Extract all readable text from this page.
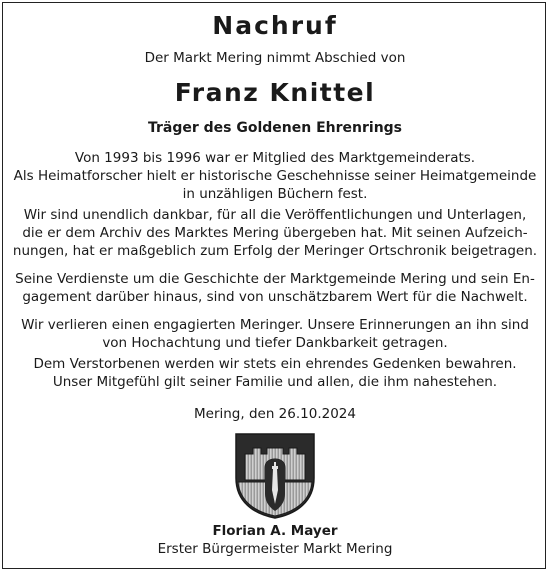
Nachruf
Der Markt Mering nimmt Abschied von
Franz Knittel
Träger des Goldenen Ehrenrings
Von 1993 bis 1996 war er Mitglied des Marktgemeinderats.
Als Heimatforscher hielt er historische Geschehnisse seiner Heimatgemeinde
in unzähligen Büchern fest.
Wir sind unendlich dankbar, für all die Veröffentlichungen und Unterlagen,
die er dem Archiv des Marktes Mering übergeben hat. Mit seinen Aufzeich-
nungen, hat er maßgeblich zum Erfolg der Meringer Ortschronik beigetragen.
Seine Verdienste um die Geschichte der Marktgemeinde Mering und sein En-
gagement darüber hinaus, sind von unschätzbarem Wert für die Nachwelt.
Wir verlieren einen engagierten Meringer. Unsere Erinnerungen an ihn sind
von Hochachtung und tiefer Dankbarkeit getragen.
Dem Verstorbenen werden wir stets ein ehrendes Gedenken bewahren.
Unser Mitgefühl gilt seiner Familie und allen, die ihm nahestehen.
Mering, den 26.10.2024
Florian A. Mayer
Erster Bürgermeister Markt Mering
